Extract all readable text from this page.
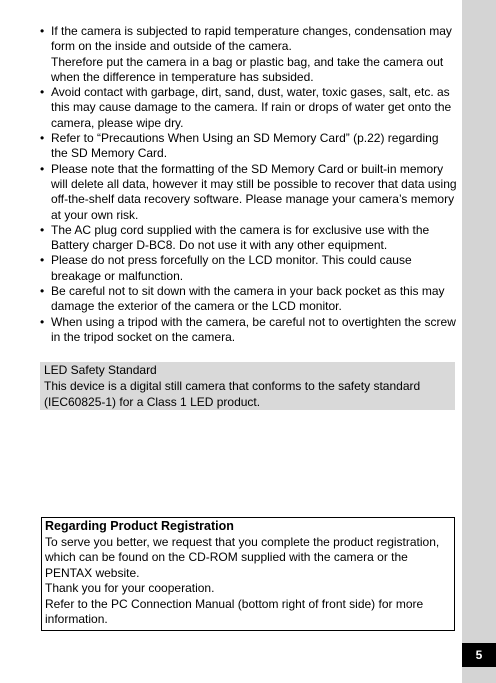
5
• If the camera is subjected to rapid temperature changes, condensation may form on the inside and outside of the camera.
Therefore put the camera in a bag or plastic bag, and take the camera out when the difference in temperature has subsided.
• Avoid contact with garbage, dirt, sand, dust, water, toxic gases, salt, etc. as this may cause damage to the camera. If rain or drops of water get onto the camera, please wipe dry.
• Refer to “Precautions When Using an SD Memory Card” (p.22) regarding the SD Memory Card.
• Please note that the formatting of the SD Memory Card or built-in memory will delete all data, however it may still be possible to recover that data using off-the-shelf data recovery software. Please manage your camera’s memory at your own risk.
• The AC plug cord supplied with the camera is for exclusive use with the Battery charger D-BC8. Do not use it with any other equipment.
• Please do not press forcefully on the LCD monitor. This could cause breakage or malfunction.
• Be careful not to sit down with the camera in your back pocket as this may damage the exterior of the camera or the LCD monitor.
• When using a tripod with the camera, be careful not to overtighten the screw in the tripod socket on the camera.
LED Safety Standard
This device is a digital still camera that conforms to the safety standard (IEC60825-1) for a Class 1 LED product.
Regarding Product Registration
To serve you better, we request that you complete the product registration, which can be found on the CD-ROM supplied with the camera or the PENTAX website.
Thank you for your cooperation.
Refer to the PC Connection Manual (bottom right of front side) for more information.
